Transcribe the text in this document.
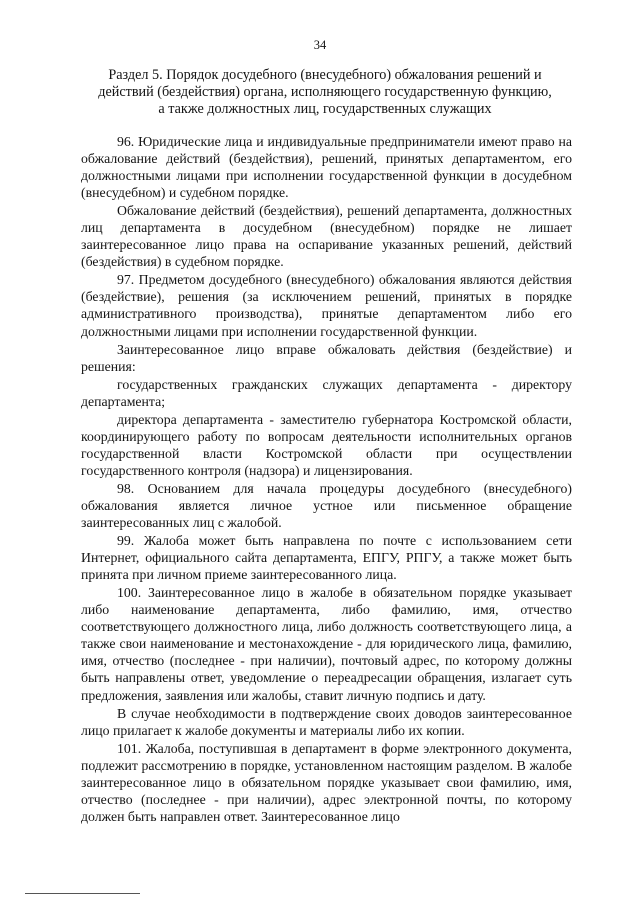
34
Раздел 5. Порядок досудебного (внесудебного) обжалования решений и
действий (бездействия) органа, исполняющего государственную функцию,
а также должностных лиц, государственных служащих

96. Юридические лица и индивидуальные предприниматели имеют право на обжалование действий (бездействия), решений, принятых департаментом, его должностными лицами при исполнении государственной функции в досудебном (внесудебном) и судебном порядке.

Обжалование действий (бездействия), решений департамента, должностных лиц департамента в досудебном (внесудебном) порядке не лишает заинтересованное лицо права на оспаривание указанных решений, действий (бездействия) в судебном порядке.

97. Предметом досудебного (внесудебного) обжалования являются действия (бездействие), решения (за исключением решений, принятых в порядке административного производства), принятые департаментом либо его должностными лицами при исполнении государственной функции.

Заинтересованное лицо вправе обжаловать действия (бездействие) и решения:

государственных гражданских служащих департамента - директору департамента;

директора департамента - заместителю губернатора Костромской области, координирующего работу по вопросам деятельности исполнительных органов государственной власти Костромской области при осуществлении государственного контроля (надзора) и лицензирования.

98. Основанием для начала процедуры досудебного (внесудебного) обжалования является личное устное или письменное обращение заинтересованных лиц с жалобой.

99. Жалоба может быть направлена по почте с использованием сети Интернет, официального сайта департамента, ЕПГУ, РПГУ, а также может быть принята при личном приеме заинтересованного лица.

100. Заинтересованное лицо в жалобе в обязательном порядке указывает либо наименование департамента, либо фамилию, имя, отчество соответствующего должностного лица, либо должность соответствующего лица, а также свои наименование и местонахождение - для юридического лица, фамилию, имя, отчество (последнее - при наличии), почтовый адрес, по которому должны быть направлены ответ, уведомление о переадресации обращения, излагает суть предложения, заявления или жалобы, ставит личную подпись и дату.

В случае необходимости в подтверждение своих доводов заинтересованное лицо прилагает к жалобе документы и материалы либо их копии.

101. Жалоба, поступившая в департамент в форме электронного документа, подлежит рассмотрению в порядке, установленном настоящим разделом. В жалобе заинтересованное лицо в обязательном порядке указывает свои фамилию, имя, отчество (последнее - при наличии), адрес электронной почты, по которому должен быть направлен ответ. Заинтересованное лицо
